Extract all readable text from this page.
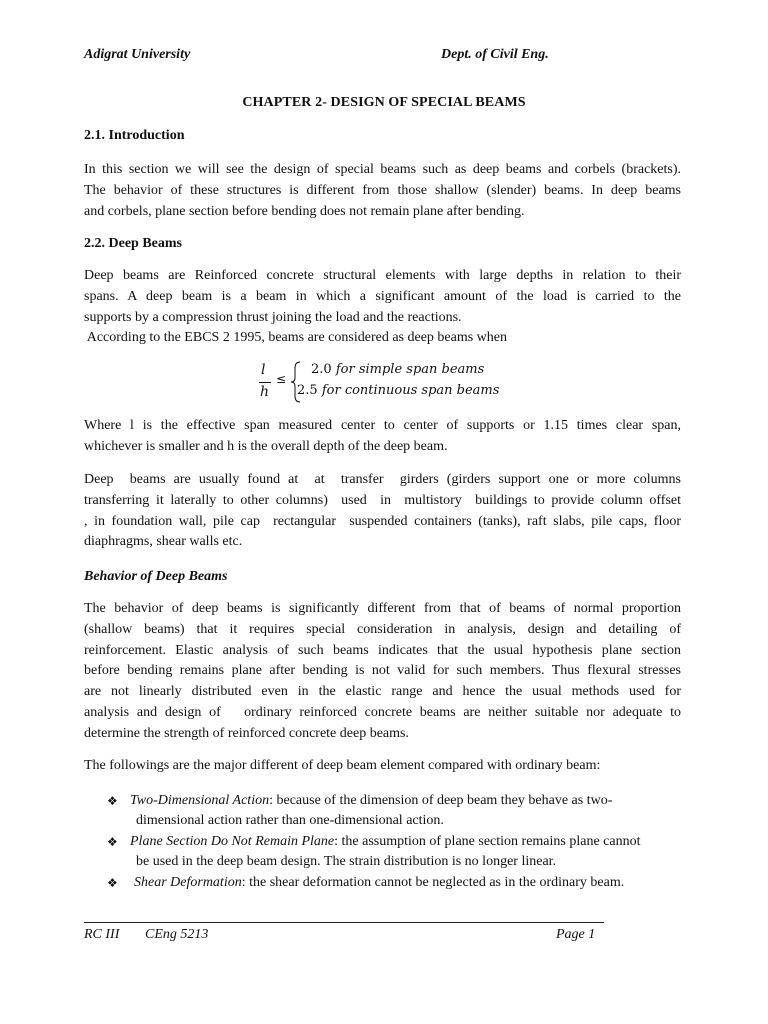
Adigrat University	Dept. of Civil Eng.
CHAPTER 2- DESIGN OF SPECIAL BEAMS
2.1. Introduction
In this section we will see the design of special beams such as deep beams and corbels (brackets).
The behavior of these structures is different from those shallow (slender) beams. In deep beams
and corbels, plane section before bending does not remain plane after bending.
2.2. Deep Beams
Deep beams are Reinforced concrete structural elements with large depths in relation to their
spans. A deep beam is a beam in which a significant amount of the load is carried to the
supports by a compression thrust joining the load and the reactions.
According to the EBCS 2 1995, beams are considered as deep beams when
l
h
≤
2.0 for simple span beams
2.5 for continuous span beams
Where l is the effective span measured center to center of supports or 1.15 times clear span,
whichever is smaller and h is the overall depth of the deep beam.
Deep  beams are usually found at  at  transfer  girders (girders support one or more columns
transferring it laterally to other columns)  used  in  multistory  buildings to provide column offset
, in foundation wall, pile cap  rectangular  suspended containers (tanks), raft slabs, pile caps, floor
diaphragms, shear walls etc.
Behavior of Deep Beams
The behavior of deep beams is significantly different from that of beams of normal proportion
(shallow beams) that it requires special consideration in analysis, design and detailing of
reinforcement. Elastic analysis of such beams indicates that the usual hypothesis plane section
before bending remains plane after bending is not valid for such members. Thus flexural stresses
are not linearly distributed even in the elastic range and hence the usual methods used for
analysis and design of   ordinary reinforced concrete beams are neither suitable nor adequate to
determine the strength of reinforced concrete deep beams.
The followings are the major different of deep beam element compared with ordinary beam:
❖ Two-Dimensional Action: because of the dimension of deep beam they behave as two-
dimensional action rather than one-dimensional action.
❖ Plane Section Do Not Remain Plane: the assumption of plane section remains plane cannot
be used in the deep beam design. The strain distribution is no longer linear.
❖ Shear Deformation: the shear deformation cannot be neglected as in the ordinary beam.
RC III CEng 5213	Page 1
